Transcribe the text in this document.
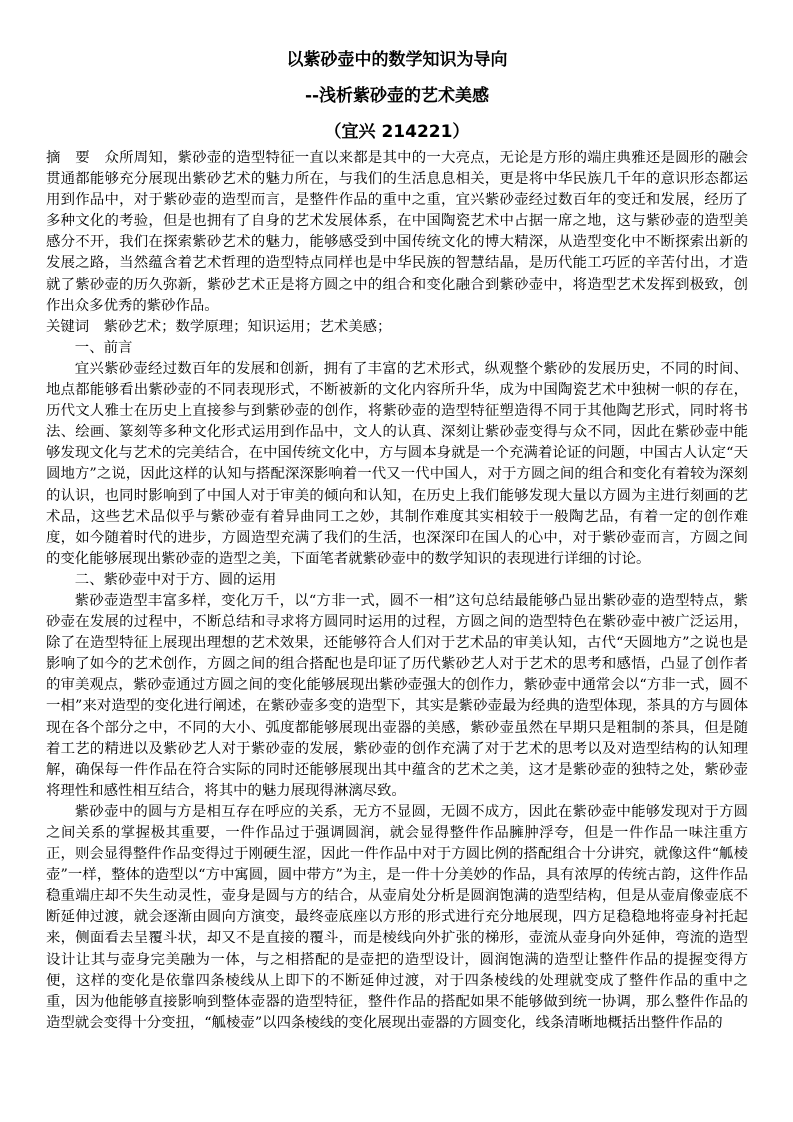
以紫砂壶中的数学知识为导向
--浅析紫砂壶的艺术美感
（宜兴 214221）

摘　要　众所周知，紫砂壶的造型特征一直以来都是其中的一大亮点，无论是方形的端庄典雅还是圆形的融会贯通都能够充分展现出紫砂艺术的魅力所在，与我们的生活息息相关，更是将中华民族几千年的意识形态都运用到作品中，对于紫砂壶的造型而言，是整件作品的重中之重，宜兴紫砂壶经过数百年的变迁和发展，经历了多种文化的考验，但是也拥有了自身的艺术发展体系，在中国陶瓷艺术中占据一席之地，这与紫砂壶的造型美感分不开，我们在探索紫砂艺术的魅力，能够感受到中国传统文化的博大精深，从造型变化中不断探索出新的发展之路，当然蕴含着艺术哲理的造型特点同样也是中华民族的智慧结晶，是历代能工巧匠的辛苦付出，才造就了紫砂壶的历久弥新，紫砂艺术正是将方圆之中的组合和变化融合到紫砂壶中，将造型艺术发挥到极致，创作出众多优秀的紫砂作品。

关键词　紫砂艺术；数学原理；知识运用；艺术美感；

一、前言

宜兴紫砂壶经过数百年的发展和创新，拥有了丰富的艺术形式，纵观整个紫砂的发展历史，不同的时间、地点都能够看出紫砂壶的不同表现形式，不断被新的文化内容所升华，成为中国陶瓷艺术中独树一帜的存在，历代文人雅士在历史上直接参与到紫砂壶的创作，将紫砂壶的造型特征塑造得不同于其他陶艺形式，同时将书法、绘画、篆刻等多种文化形式运用到作品中，文人的认真、深刻让紫砂壶变得与众不同，因此在紫砂壶中能够发现文化与艺术的完美结合，在中国传统文化中，方与圆本身就是一个充满着论证的问题，中国古人认定“天圆地方”之说，因此这样的认知与搭配深深影响着一代又一代中国人，对于方圆之间的组合和变化有着较为深刻的认识，也同时影响到了中国人对于审美的倾向和认知，在历史上我们能够发现大量以方圆为主进行刻画的艺术品，这些艺术品似乎与紫砂壶有着异曲同工之妙，其制作难度其实相较于一般陶艺品，有着一定的创作难度，如今随着时代的进步，方圆造型充满了我们的生活，也深深印在国人的心中，对于紫砂壶而言，方圆之间的变化能够展现出紫砂壶的造型之美，下面笔者就紫砂壶中的数学知识的表现进行详细的讨论。

二、紫砂壶中对于方、圆的运用

紫砂壶造型丰富多样，变化万千，以“方非一式，圆不一相”这句总结最能够凸显出紫砂壶的造型特点，紫砂壶在发展的过程中，不断总结和寻求将方圆同时运用的过程，方圆之间的造型特色在紫砂壶中被广泛运用，除了在造型特征上展现出理想的艺术效果，还能够符合人们对于艺术品的审美认知，古代“天圆地方”之说也是影响了如今的艺术创作，方圆之间的组合搭配也是印证了历代紫砂艺人对于艺术的思考和感悟，凸显了创作者的审美观点，紫砂壶通过方圆之间的变化能够展现出紫砂壶强大的创作力，紫砂壶中通常会以“方非一式，圆不一相”来对造型的变化进行阐述，在紫砂壶多变的造型下，其实是紫砂壶最为经典的造型体现，茶具的方与圆体现在各个部分之中，不同的大小、弧度都能够展现出壶器的美感，紫砂壶虽然在早期只是粗制的茶具，但是随着工艺的精进以及紫砂艺人对于紫砂壶的发展，紫砂壶的创作充满了对于艺术的思考以及对造型结构的认知理解，确保每一件作品在符合实际的同时还能够展现出其中蕴含的艺术之美，这才是紫砂壶的独特之处，紫砂壶将理性和感性相互结合，将其中的魅力展现得淋漓尽致。

紫砂壶中的圆与方是相互存在呼应的关系，无方不显圆，无圆不成方，因此在紫砂壶中能够发现对于方圆之间关系的掌握极其重要，一件作品过于强调圆润，就会显得整件作品臃肿浮夸，但是一件作品一味注重方正，则会显得整件作品变得过于刚硬生涩，因此一件作品中对于方圆比例的搭配组合十分讲究，就像这件“觚棱壶”一样，整体的造型以“方中寓圆，圆中带方”为主，是一件十分美妙的作品，具有浓厚的传统古韵，这件作品稳重端庄却不失生动灵性，壶身是圆与方的结合，从壶肩处分析是圆润饱满的造型结构，但是从壶肩像壶底不断延伸过渡，就会逐渐由圆向方演变，最终壶底座以方形的形式进行充分地展现，四方足稳稳地将壶身衬托起来，侧面看去呈覆斗状，却又不是直接的覆斗，而是棱线向外扩张的梯形，壶流从壶身向外延伸，弯流的造型设计让其与壶身完美融为一体，与之相搭配的是壶把的造型设计，圆润饱满的造型让整件作品的提握变得方便，这样的变化是依靠四条棱线从上即下的不断延伸过渡，对于四条棱线的处理就变成了整件作品的重中之重，因为他能够直接影响到整体壶器的造型特征，整件作品的搭配如果不能够做到统一协调，那么整件作品的造型就会变得十分变扭，“觚棱壶”以四条棱线的变化展现出壶器的方圆变化，线条清晰地概括出整件作品的
